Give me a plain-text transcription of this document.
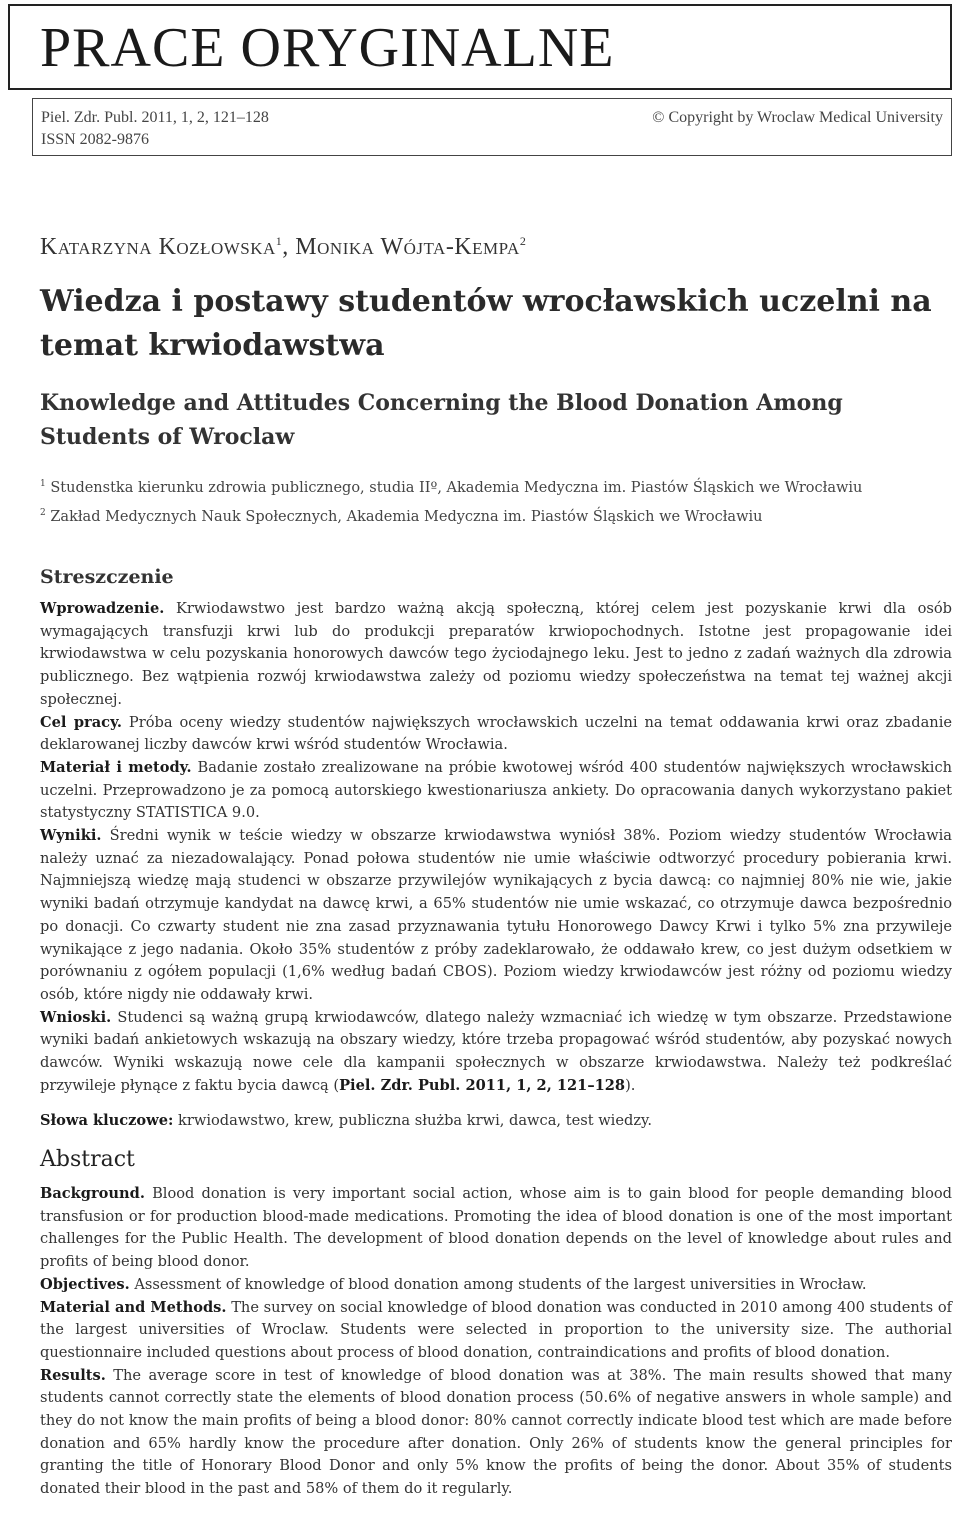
PRACE ORYGINALNE
Piel. Zdr. Publ. 2011, 1, 2, 121–128
ISSN 2082-9876
© Copyright by Wroclaw Medical University
Katarzyna Kozłowska$^1$, Monika Wójta-Kempa$^2$
Wiedza i postawy studentów wrocławskich uczelni na temat krwiodawstwa
Knowledge and Attitudes Concerning the Blood Donation Among Students of Wroclaw
$^1$ Studenstka kierunku zdrowia publicznego, studia IIº, Akademia Medyczna im. Piastów Śląskich we Wrocławiu
$^2$ Zakład Medycznych Nauk Społecznych, Akademia Medyczna im. Piastów Śląskich we Wrocławiu
Streszczenie

Wprowadzenie. Krwiodawstwo jest bardzo ważną akcją społeczną, której celem jest pozyskanie krwi dla osób wymagających transfuzji krwi lub do produkcji preparatów krwiopochodnych. Istotne jest propagowanie idei krwiodawstwa w celu pozyskania honorowych dawców tego życiodajnego leku. Jest to jedno z zadań ważnych dla zdrowia publicznego. Bez wątpienia rozwój krwiodawstwa zależy od poziomu wiedzy społeczeństwa na temat tej ważnej akcji społecznej.

Cel pracy. Próba oceny wiedzy studentów największych wrocławskich uczelni na temat oddawania krwi oraz zbadanie deklarowanej liczby dawców krwi wśród studentów Wrocławia.

Materiał i metody. Badanie zostało zrealizowane na próbie kwotowej wśród 400 studentów największych wrocławskich uczelni. Przeprowadzono je za pomocą autorskiego kwestionariusza ankiety. Do opracowania danych wykorzystano pakiet statystyczny STATISTICA 9.0.

Wyniki. Średni wynik w teście wiedzy w obszarze krwiodawstwa wyniósł 38%. Poziom wiedzy studentów Wrocławia należy uznać za niezadowalający. Ponad połowa studentów nie umie właściwie odtworzyć procedury pobierania krwi. Najmniejszą wiedzę mają studenci w obszarze przywilejów wynikających z bycia dawcą: co najmniej 80% nie wie, jakie wyniki badań otrzymuje kandydat na dawcę krwi, a 65% studentów nie umie wskazać, co otrzymuje dawca bezpośrednio po donacji. Co czwarty student nie zna zasad przyznawania tytułu Honorowego Dawcy Krwi i tylko 5% zna przywileje wynikające z jego nadania. Około 35% studentów z próby zadeklarowało, że oddawało krew, co jest dużym odsetkiem w porównaniu z ogółem populacji (1,6% według badań CBOS). Poziom wiedzy krwiodawców jest różny od poziomu wiedzy osób, które nigdy nie oddawały krwi.

Wnioski. Studenci są ważną grupą krwiodawców, dlatego należy wzmacniać ich wiedzę w tym obszarze. Przedstawione wyniki badań ankietowych wskazują na obszary wiedzy, które trzeba propagować wśród studentów, aby pozyskać nowych dawców. Wyniki wskazują nowe cele dla kampanii społecznych w obszarze krwiodawstwa. Należy też podkreślać przywileje płynące z faktu bycia dawcą (Piel. Zdr. Publ. 2011, 1, 2, 121–128).

Słowa kluczowe: krwiodawstwo, krew, publiczna służba krwi, dawca, test wiedzy.

Abstract

Background. Blood donation is very important social action, whose aim is to gain blood for people demanding blood transfusion or for production blood-made medications. Promoting the idea of blood donation is one of the most important challenges for the Public Health. The development of blood donation depends on the level of knowledge about rules and profits of being blood donor.

Objectives. Assessment of knowledge of blood donation among students of the largest universities in Wrocław.

Material and Methods. The survey on social knowledge of blood donation was conducted in 2010 among 400 students of the largest universities of Wroclaw. Students were selected in proportion to the university size. The authorial questionnaire included questions about process of blood donation, contraindications and profits of blood donation.

Results. The average score in test of knowledge of blood donation was at 38%. The main results showed that many students cannot correctly state the elements of blood donation process (50.6% of negative answers in whole sample) and they do not know the main profits of being a blood donor: 80% cannot correctly indicate blood test which are made before donation and 65% hardly know the procedure after donation. Only 26% of students know the general principles for granting the title of Honorary Blood Donor and only 5% know the profits of being the donor. About 35% of students donated their blood in the past and 58% of them do it regularly.
